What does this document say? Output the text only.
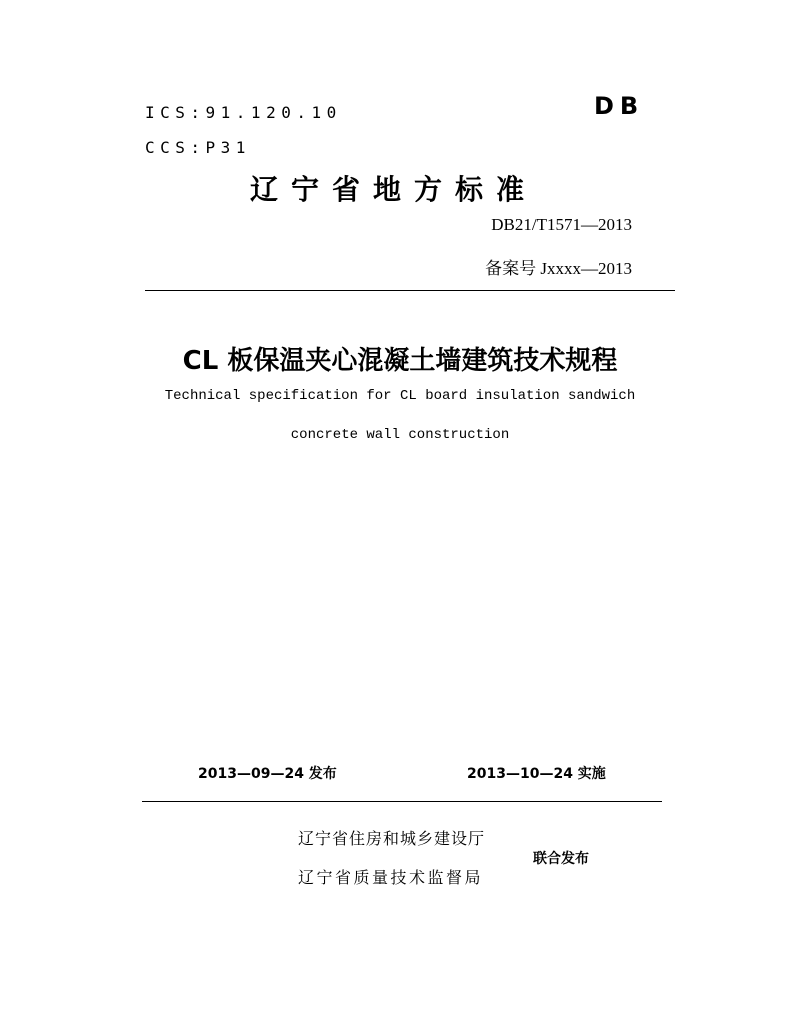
ICS:91.120.10
CCS:P31
DB
辽宁省地方标准
DB21/T1571—2013
备案号 Jxxxx—2013
CL 板保温夹心混凝土墙建筑技术规程
Technical specification for CL board insulation sandwich
concrete wall construction
2013—09—24 发布	2013—10—24 实施
辽宁省住房和城乡建设厅
辽宁省质量技术监督局
联合发布
